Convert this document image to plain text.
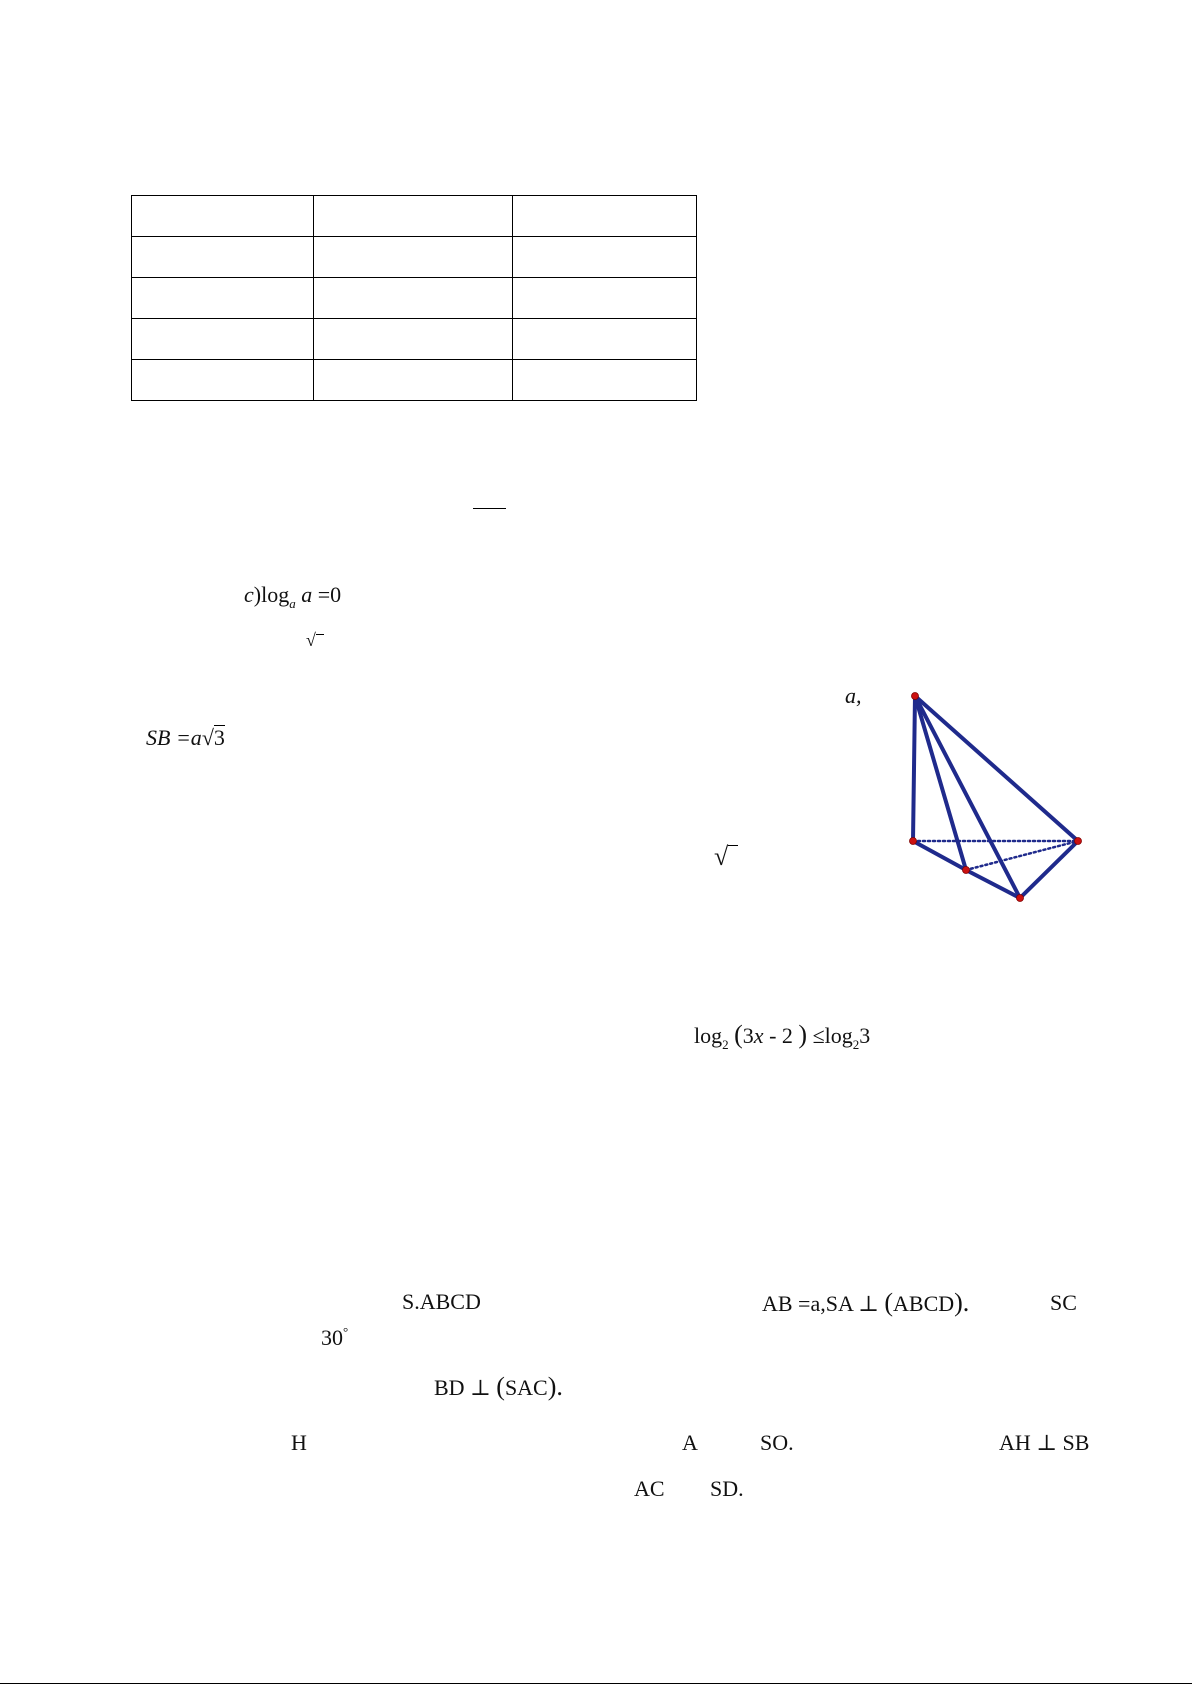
$c)\log_a$ a =0
√
a,
SB =a√3
√
$\log_2 (3x - 2$ ) $\le\log_23$
S.ABCD	AB =a,SA ⊥ (ABCD).	SC
30°
BD ⊥ (SAC).
H	A	SO.	AH ⊥ SB
AC SD.
